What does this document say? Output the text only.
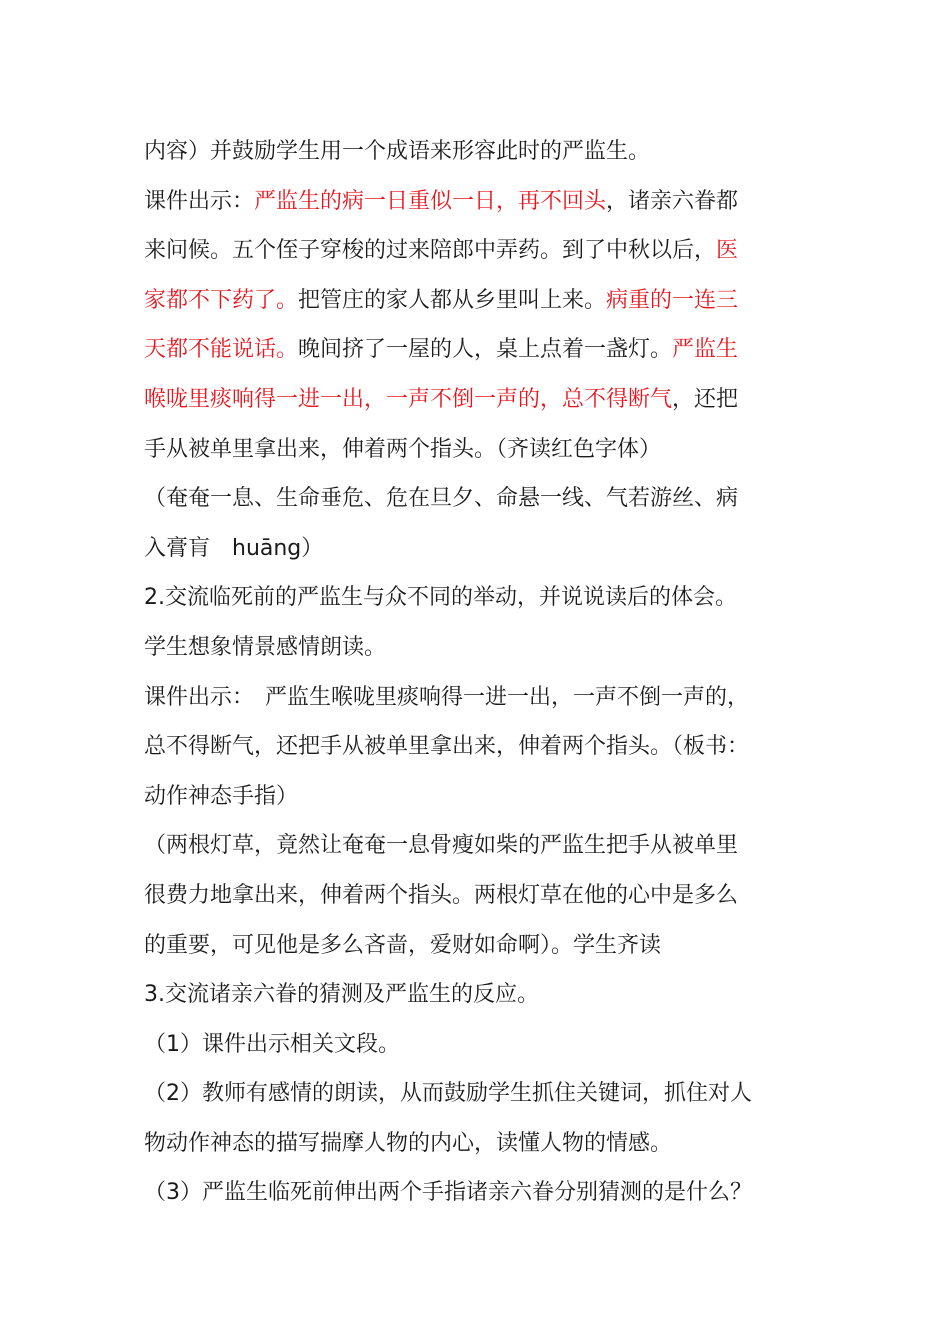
内容）并鼓励学生用一个成语来形容此时的严监生。
课件出示：严监生的病一日重似一日，再不回头，诸亲六眷都
来问候。五个侄子穿梭的过来陪郎中弄药。到了中秋以后，医
家都不下药了。把管庄的家人都从乡里叫上来。病重的一连三
天都不能说话。晚间挤了一屋的人，桌上点着一盏灯。严监生
喉咙里痰响得一进一出，一声不倒一声的，总不得断气，还把
手从被单里拿出来，伸着两个指头。（齐读红色字体）
（奄奄一息、生命垂危、危在旦夕、命悬一线、气若游丝、病
入膏肓　huāng）
2.交流临死前的严监生与众不同的举动，并说说读后的体会。
学生想象情景感情朗读。
课件出示：　严监生喉咙里痰响得一进一出，一声不倒一声的，
总不得断气，还把手从被单里拿出来，伸着两个指头。（板书：
动作神态手指）
（两根灯草，竟然让奄奄一息骨瘦如柴的严监生把手从被单里
很费力地拿出来，伸着两个指头。两根灯草在他的心中是多么
的重要，可见他是多么吝啬，爱财如命啊）。学生齐读
3.交流诸亲六眷的猜测及严监生的反应。
（1）课件出示相关文段。
（2）教师有感情的朗读，从而鼓励学生抓住关键词，抓住对人
物动作神态的描写揣摩人物的内心，读懂人物的情感。
（3）严监生临死前伸出两个手指诸亲六眷分别猜测的是什么？
